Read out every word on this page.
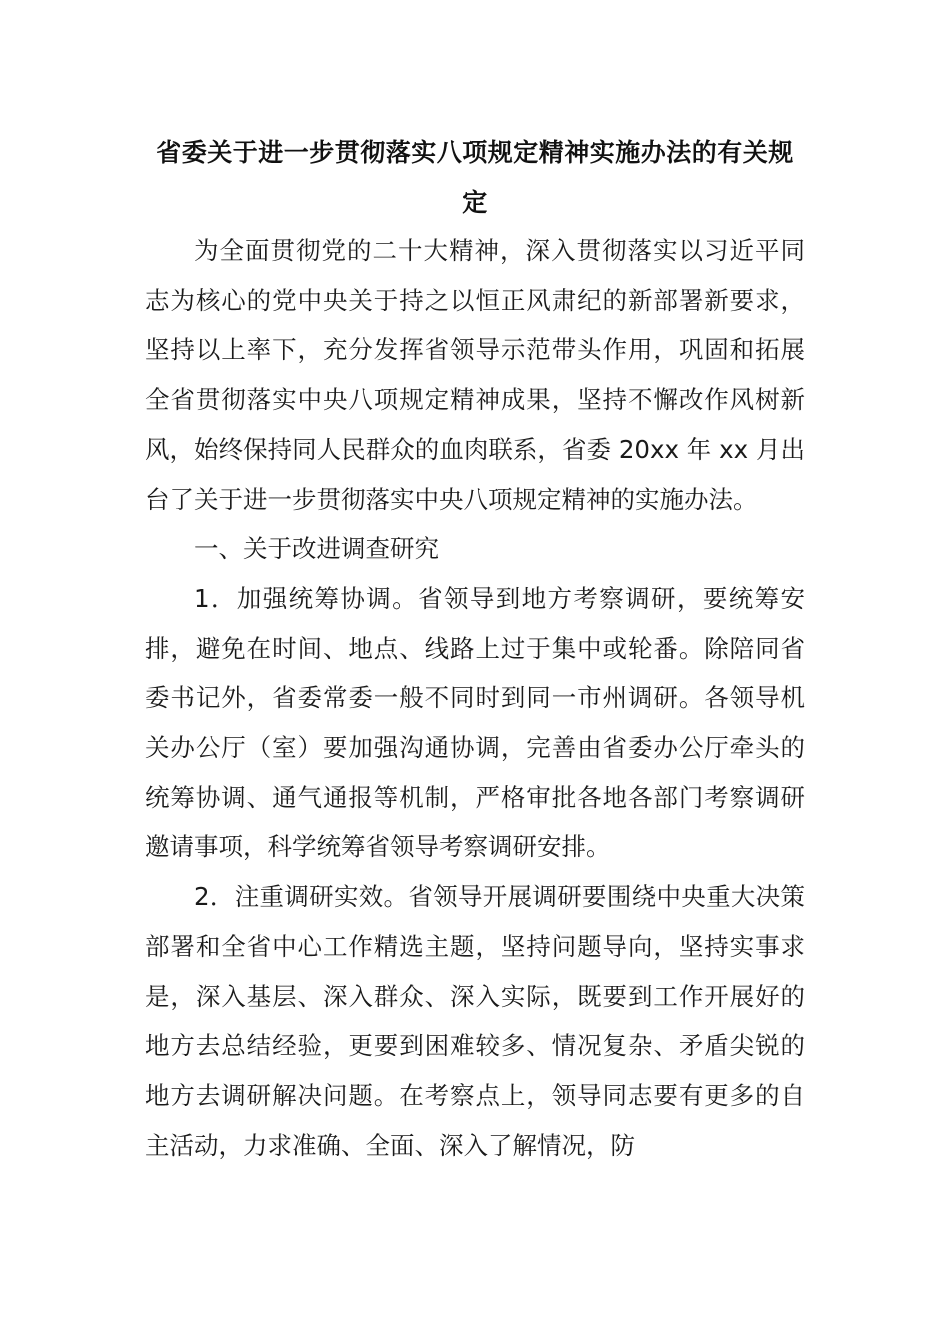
省委关于进一步贯彻落实八项规定精神实施办法的有关规定

为全面贯彻党的二十大精神，深入贯彻落实以习近平同志为核心的党中央关于持之以恒正风肃纪的新部署新要求，坚持以上率下，充分发挥省领导示范带头作用，巩固和拓展全省贯彻落实中央八项规定精神成果，坚持不懈改作风树新风，始终保持同人民群众的血肉联系，省委 20xx 年 xx 月出台了关于进一步贯彻落实中央八项规定精神的实施办法。

一、关于改进调查研究

1．加强统筹协调。省领导到地方考察调研，要统筹安排，避免在时间、地点、线路上过于集中或轮番。除陪同省委书记外，省委常委一般不同时到同一市州调研。各领导机关办公厅（室）要加强沟通协调，完善由省委办公厅牵头的统筹协调、通气通报等机制，严格审批各地各部门考察调研邀请事项，科学统筹省领导考察调研安排。

2．注重调研实效。省领导开展调研要围绕中央重大决策部署和全省中心工作精选主题，坚持问题导向，坚持实事求是，深入基层、深入群众、深入实际，既要到工作开展好的地方去总结经验，更要到困难较多、情况复杂、矛盾尖锐的地方去调研解决问题。在考察点上，领导同志要有更多的自主活动，力求准确、全面、深入了解情况，防
